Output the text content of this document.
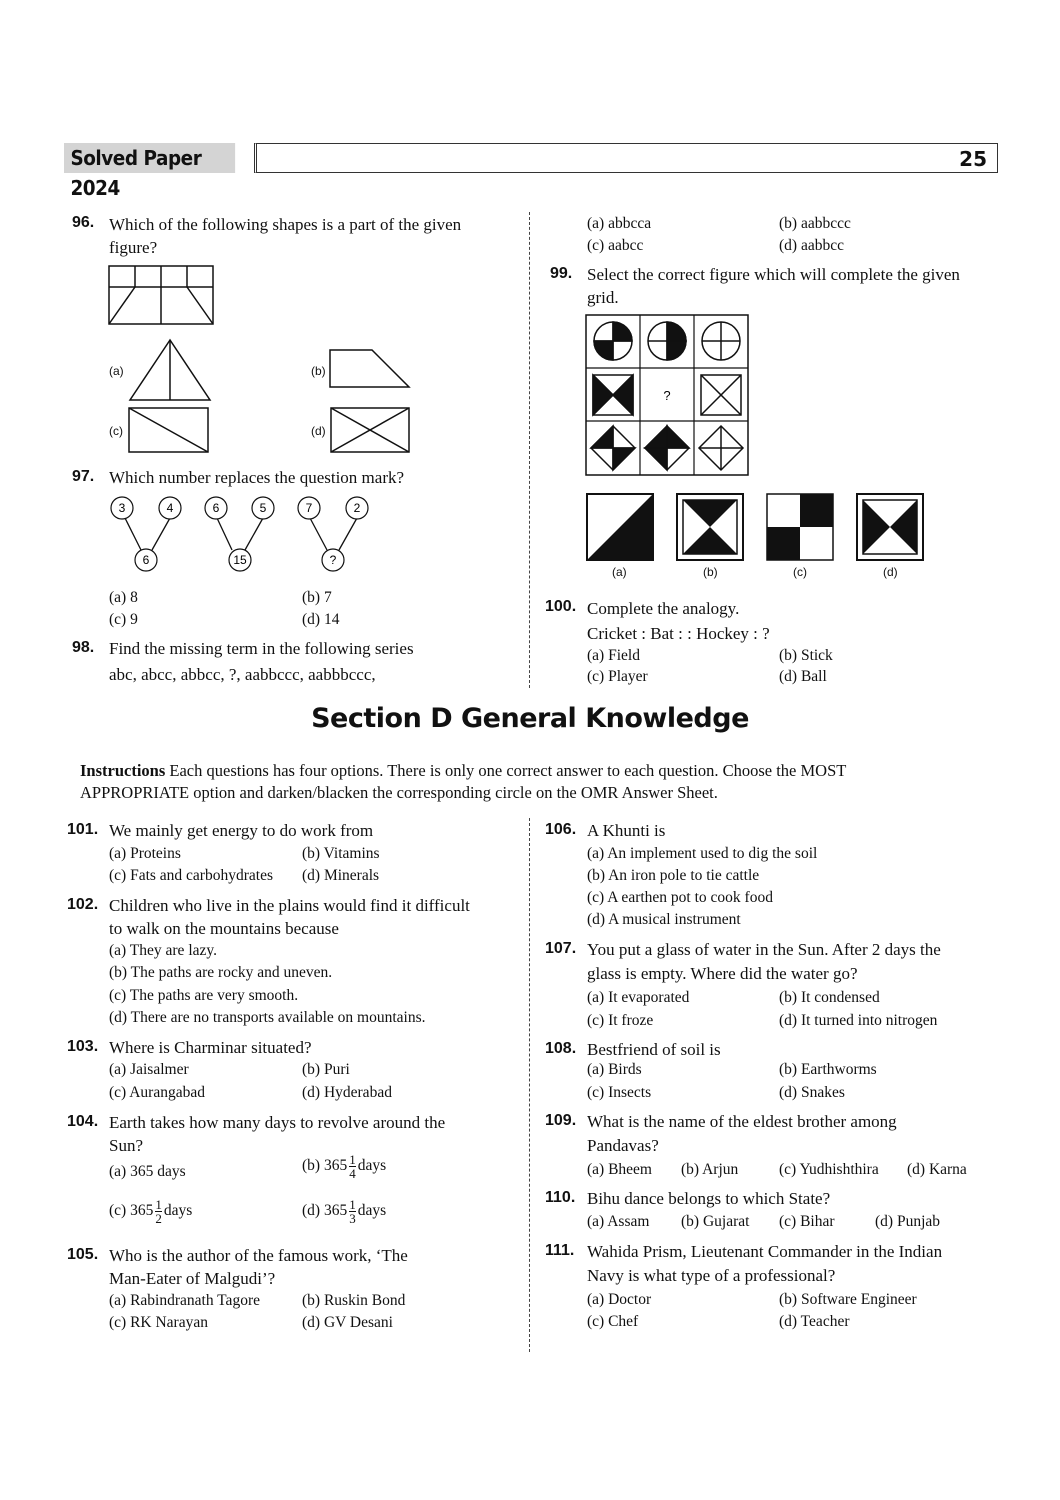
Solved Paper 2024
25
96. Which of the following shapes is a part of the given
figure?
(a)	(b)
(c)	(d)
97. Which number replaces the question mark?
3	4
6
6	5
15
7	2
?
(a) 8	(b) 7
(c) 9	(d) 14
98. Find the missing term in the following series
abc, abcc, abbcc, ?, aabbccc, aabbbccc,
(a) abbcca	(b) aabbccc
(c) aabcc	(d) aabbcc
99. Select the correct figure which will complete the given
grid.
?
(a)	(b)	(c)	(d)
100. Complete the analogy.
Cricket : Bat : : Hockey : ?
(a) Field	(b) Stick
(c) Player	(d) Ball
Section D General Knowledge
Instructions Each questions has four options. There is only one correct answer to each question. Choose the MOST
APPROPRIATE option and darken/blacken the corresponding circle on the OMR Answer Sheet.
101. We mainly get energy to do work from
(a) Proteins	(b) Vitamins
(c) Fats and carbohydrates (d) Minerals
102. Children who live in the plains would find it difficult
to walk on the mountains because
(a) They are lazy.
(b) The paths are rocky and uneven.
(c) The paths are very smooth.
(d) There are no transports available on mountains.
103. Where is Charminar situated?
(a) Jaisalmer	(b) Puri
(c) Aurangabad	(d) Hyderabad
104. Earth takes how many days to revolve around the
Sun?
(a) 365 days	(b) $365 \frac{1}{4}$ days
(c) $365 \frac{1}{2}$ days	(d) $365 \frac{1}{3}$ days
105. Who is the author of the famous work, ‘The
Man-Eater of Malgudi’?
(a) Rabindranath Tagore	(b) Ruskin Bond
(c) RK Narayan	(d) GV Desani
106. A Khunti is
(a) An implement used to dig the soil
(b) An iron pole to tie cattle
(c) A earthen pot to cook food
(d) A musical instrument
107. You put a glass of water in the Sun. After 2 days the
glass is empty. Where did the water go?
(a) It evaporated	(b) It condensed
(c) It froze	(d) It turned into nitrogen
108. Bestfriend of soil is
(a) Birds	(b) Earthworms
(c) Insects	(d) Snakes
109. What is the name of the eldest brother among
Pandavas?
(a) Bheem (b) Arjun	(c) Yudhishthira (d) Karna
110. Bihu dance belongs to which State?
(a) Assam (b) Gujarat (c) Bihar	(d) Punjab
111. Wahida Prism, Lieutenant Commander in the Indian
Navy is what type of a professional?
(a) Doctor	(b) Software Engineer
(c) Chef	(d) Teacher
